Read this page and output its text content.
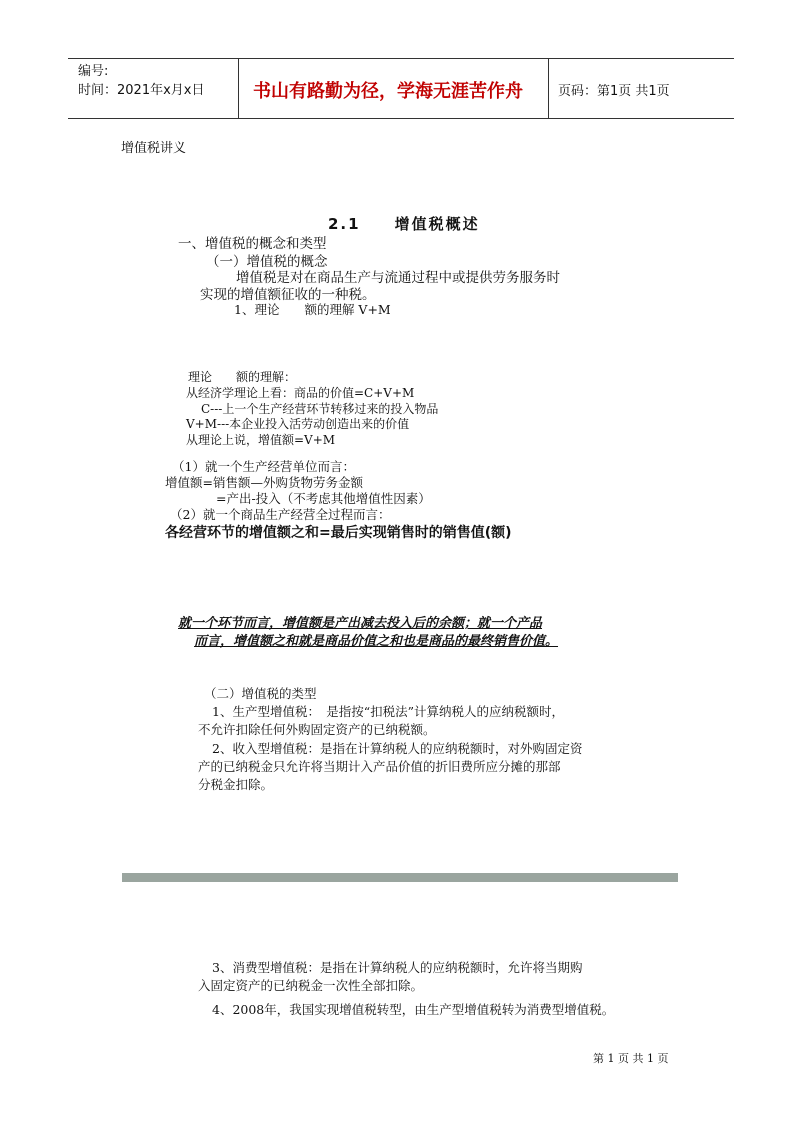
编号:
时间：2021年x月x日	书山有路勤为径，学海无涯苦作舟	页码：第1页 共1页
增值税讲义
2.1　　增值税概述
一、增值税的概念和类型
（一）增值税的概念
增值税是对在商品生产与流通过程中或提供劳务服务时
实现的增值额征收的一种税。
1、理论　　额的理解 V+M
理论　　额的理解：
从经济学理论上看：商品的价值=C+V+M
C---上一个生产经营环节转移过来的投入物品
V+M---本企业投入活劳动创造出来的价值
从理论上说，增值额=V+M
（1）就一个生产经营单位而言：
增值额=销售额—外购货物劳务金额
=产出-投入（不考虑其他增值性因素）
（2）就一个商品生产经营全过程而言：
各经营环节的增值额之和=最后实现销售时的销售值(额)
就一个环节而言，增值额是产出减去投入后的余额；就一个产品
而言，增值额之和就是商品价值之和也是商品的最终销售价值。
（二）增值税的类型
1、生产型增值税：　是指按“扣税法”计算纳税人的应纳税额时，
不允许扣除任何外购固定资产的已纳税额。
2、收入型增值税：是指在计算纳税人的应纳税额时，对外购固定资
产的已纳税金只允许将当期计入产品价值的折旧费所应分摊的那部
分税金扣除。
3、消费型增值税：是指在计算纳税人的应纳税额时，允许将当期购
入固定资产的已纳税金一次性全部扣除。
4、2008年，我国实现增值税转型，由生产型增值税转为消费型增值税。
第 1 页 共 1 页
